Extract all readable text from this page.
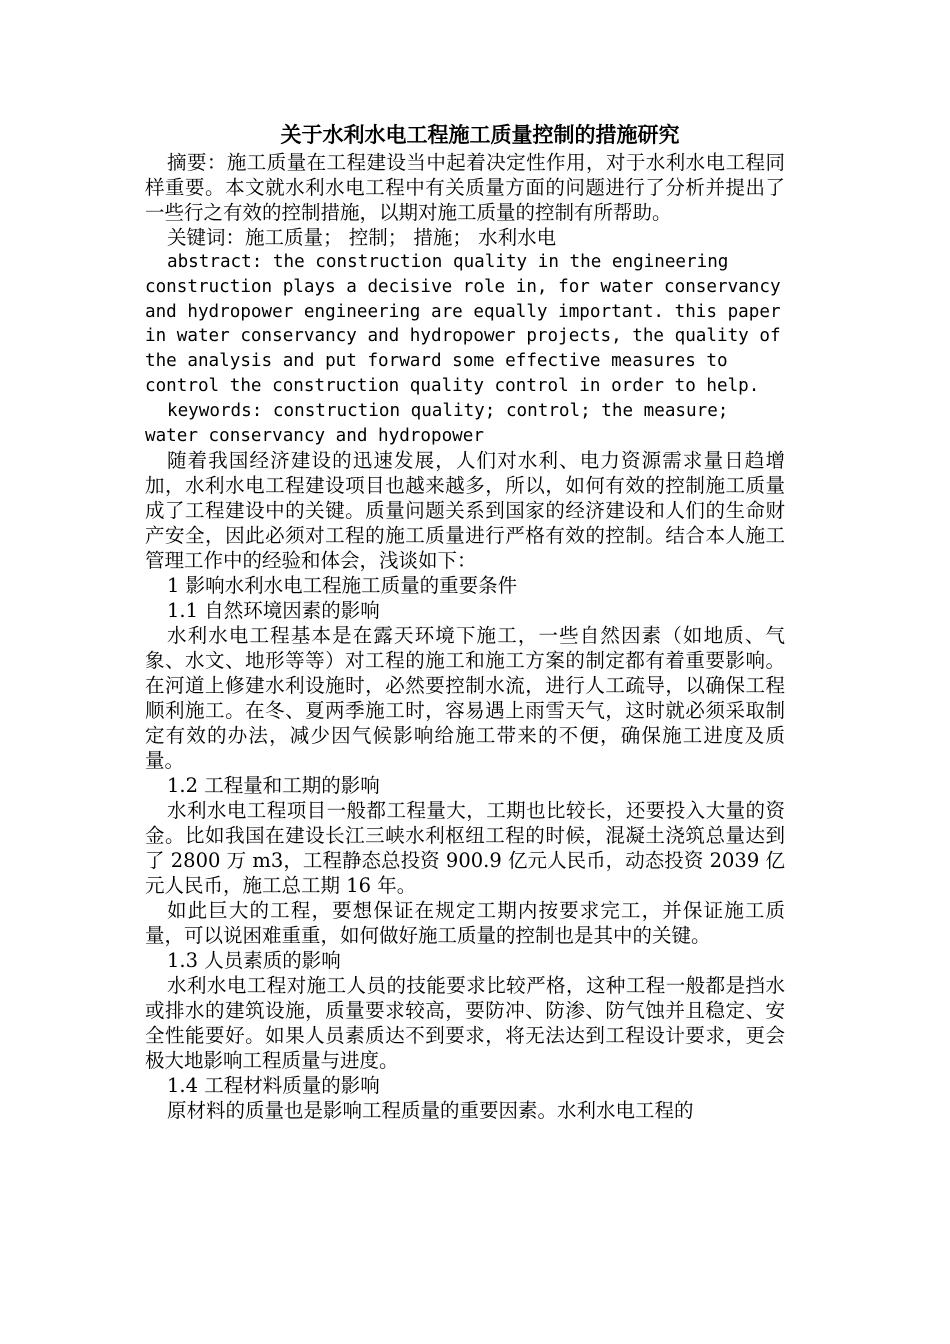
关于水利水电工程施工质量控制的措施研究

摘要：施工质量在工程建设当中起着决定性作用，对于水利水电工程同样重要。本文就水利水电工程中有关质量方面的问题进行了分析并提出了一些行之有效的控制措施，以期对施工质量的控制有所帮助。

关键词：施工质量； 控制； 措施； 水利水电

abstract: the construction quality in the engineering construction plays a decisive role in, for water conservancy and hydropower engineering are equally important. this paper in water conservancy and hydropower projects, the quality of the analysis and put forward some effective measures to control the construction quality control in order to help.

keywords: construction quality; control; the measure; water conservancy and hydropower

随着我国经济建设的迅速发展，人们对水利、电力资源需求量日趋增加，水利水电工程建设项目也越来越多，所以，如何有效的控制施工质量成了工程建设中的关键。质量问题关系到国家的经济建设和人们的生命财产安全，因此必须对工程的施工质量进行严格有效的控制。结合本人施工管理工作中的经验和体会，浅谈如下：

1 影响水利水电工程施工质量的重要条件

1.1 自然环境因素的影响

水利水电工程基本是在露天环境下施工，一些自然因素（如地质、气象、水文、地形等等）对工程的施工和施工方案的制定都有着重要影响。在河道上修建水利设施时，必然要控制水流，进行人工疏导，以确保工程顺利施工。在冬、夏两季施工时，容易遇上雨雪天气，这时就必须采取制定有效的办法，减少因气候影响给施工带来的不便，确保施工进度及质量。

1.2 工程量和工期的影响

水利水电工程项目一般都工程量大，工期也比较长，还要投入大量的资金。比如我国在建设长江三峡水利枢纽工程的时候，混凝土浇筑总量达到了 2800 万 m3，工程静态总投资 900.9 亿元人民币，动态投资 2039 亿元人民币，施工总工期 16 年。

如此巨大的工程，要想保证在规定工期内按要求完工，并保证施工质量，可以说困难重重，如何做好施工质量的控制也是其中的关键。

1.3 人员素质的影响

水利水电工程对施工人员的技能要求比较严格，这种工程一般都是挡水或排水的建筑设施，质量要求较高，要防冲、防渗、防气蚀并且稳定、安全性能要好。如果人员素质达不到要求，将无法达到工程设计要求，更会极大地影响工程质量与进度。

1.4 工程材料质量的影响

原材料的质量也是影响工程质量的重要因素。水利水电工程的
